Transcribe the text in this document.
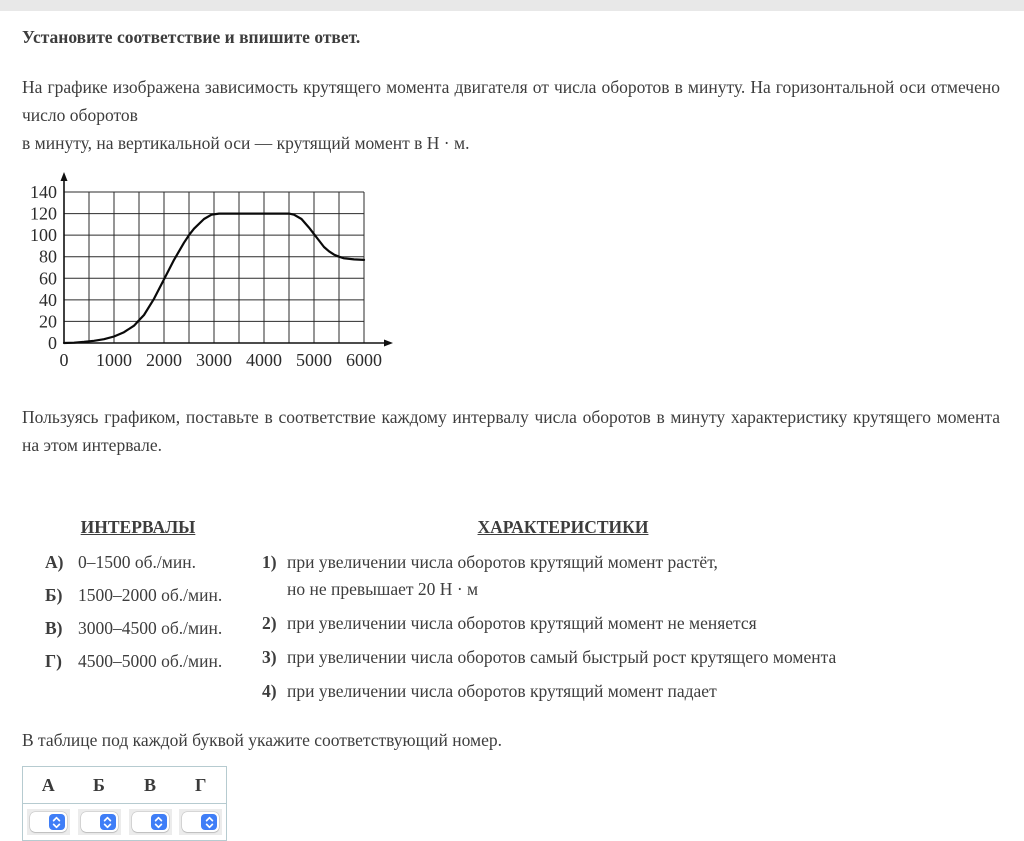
Установите соответствие и впишите ответ.

На графике изображена зависимость крутящего момента двигателя от числа оборотов в минуту. На горизонтальной оси отмечено число оборотов
в минуту, на вертикальной оси — крутящий момент в Н · м.

0
20
40
60
80
100
120
140
0 1000 2000 3000 4000 5000 6000

Пользуясь графиком, поставьте в соответствие каждому интервалу числа оборотов в минуту характеристику крутящего момента на этом интервале.

ИНТЕРВАЛЫ
А) 0–1500 об./мин.
Б) 1500–2000 об./мин.
В) 3000–4500 об./мин.
Г) 4500–5000 об./мин.
ХАРАКТЕРИСТИКИ
1) при увеличении числа оборотов крутящий момент растёт,
но не превышает 20 Н · м
2) при увеличении числа оборотов крутящий момент не меняется
3) при увеличении числа оборотов самый быстрый рост крутящего момента
4) при увеличении числа оборотов крутящий момент падает

В таблице под каждой буквой укажите соответствующий номер.

А	Б	В	Г
